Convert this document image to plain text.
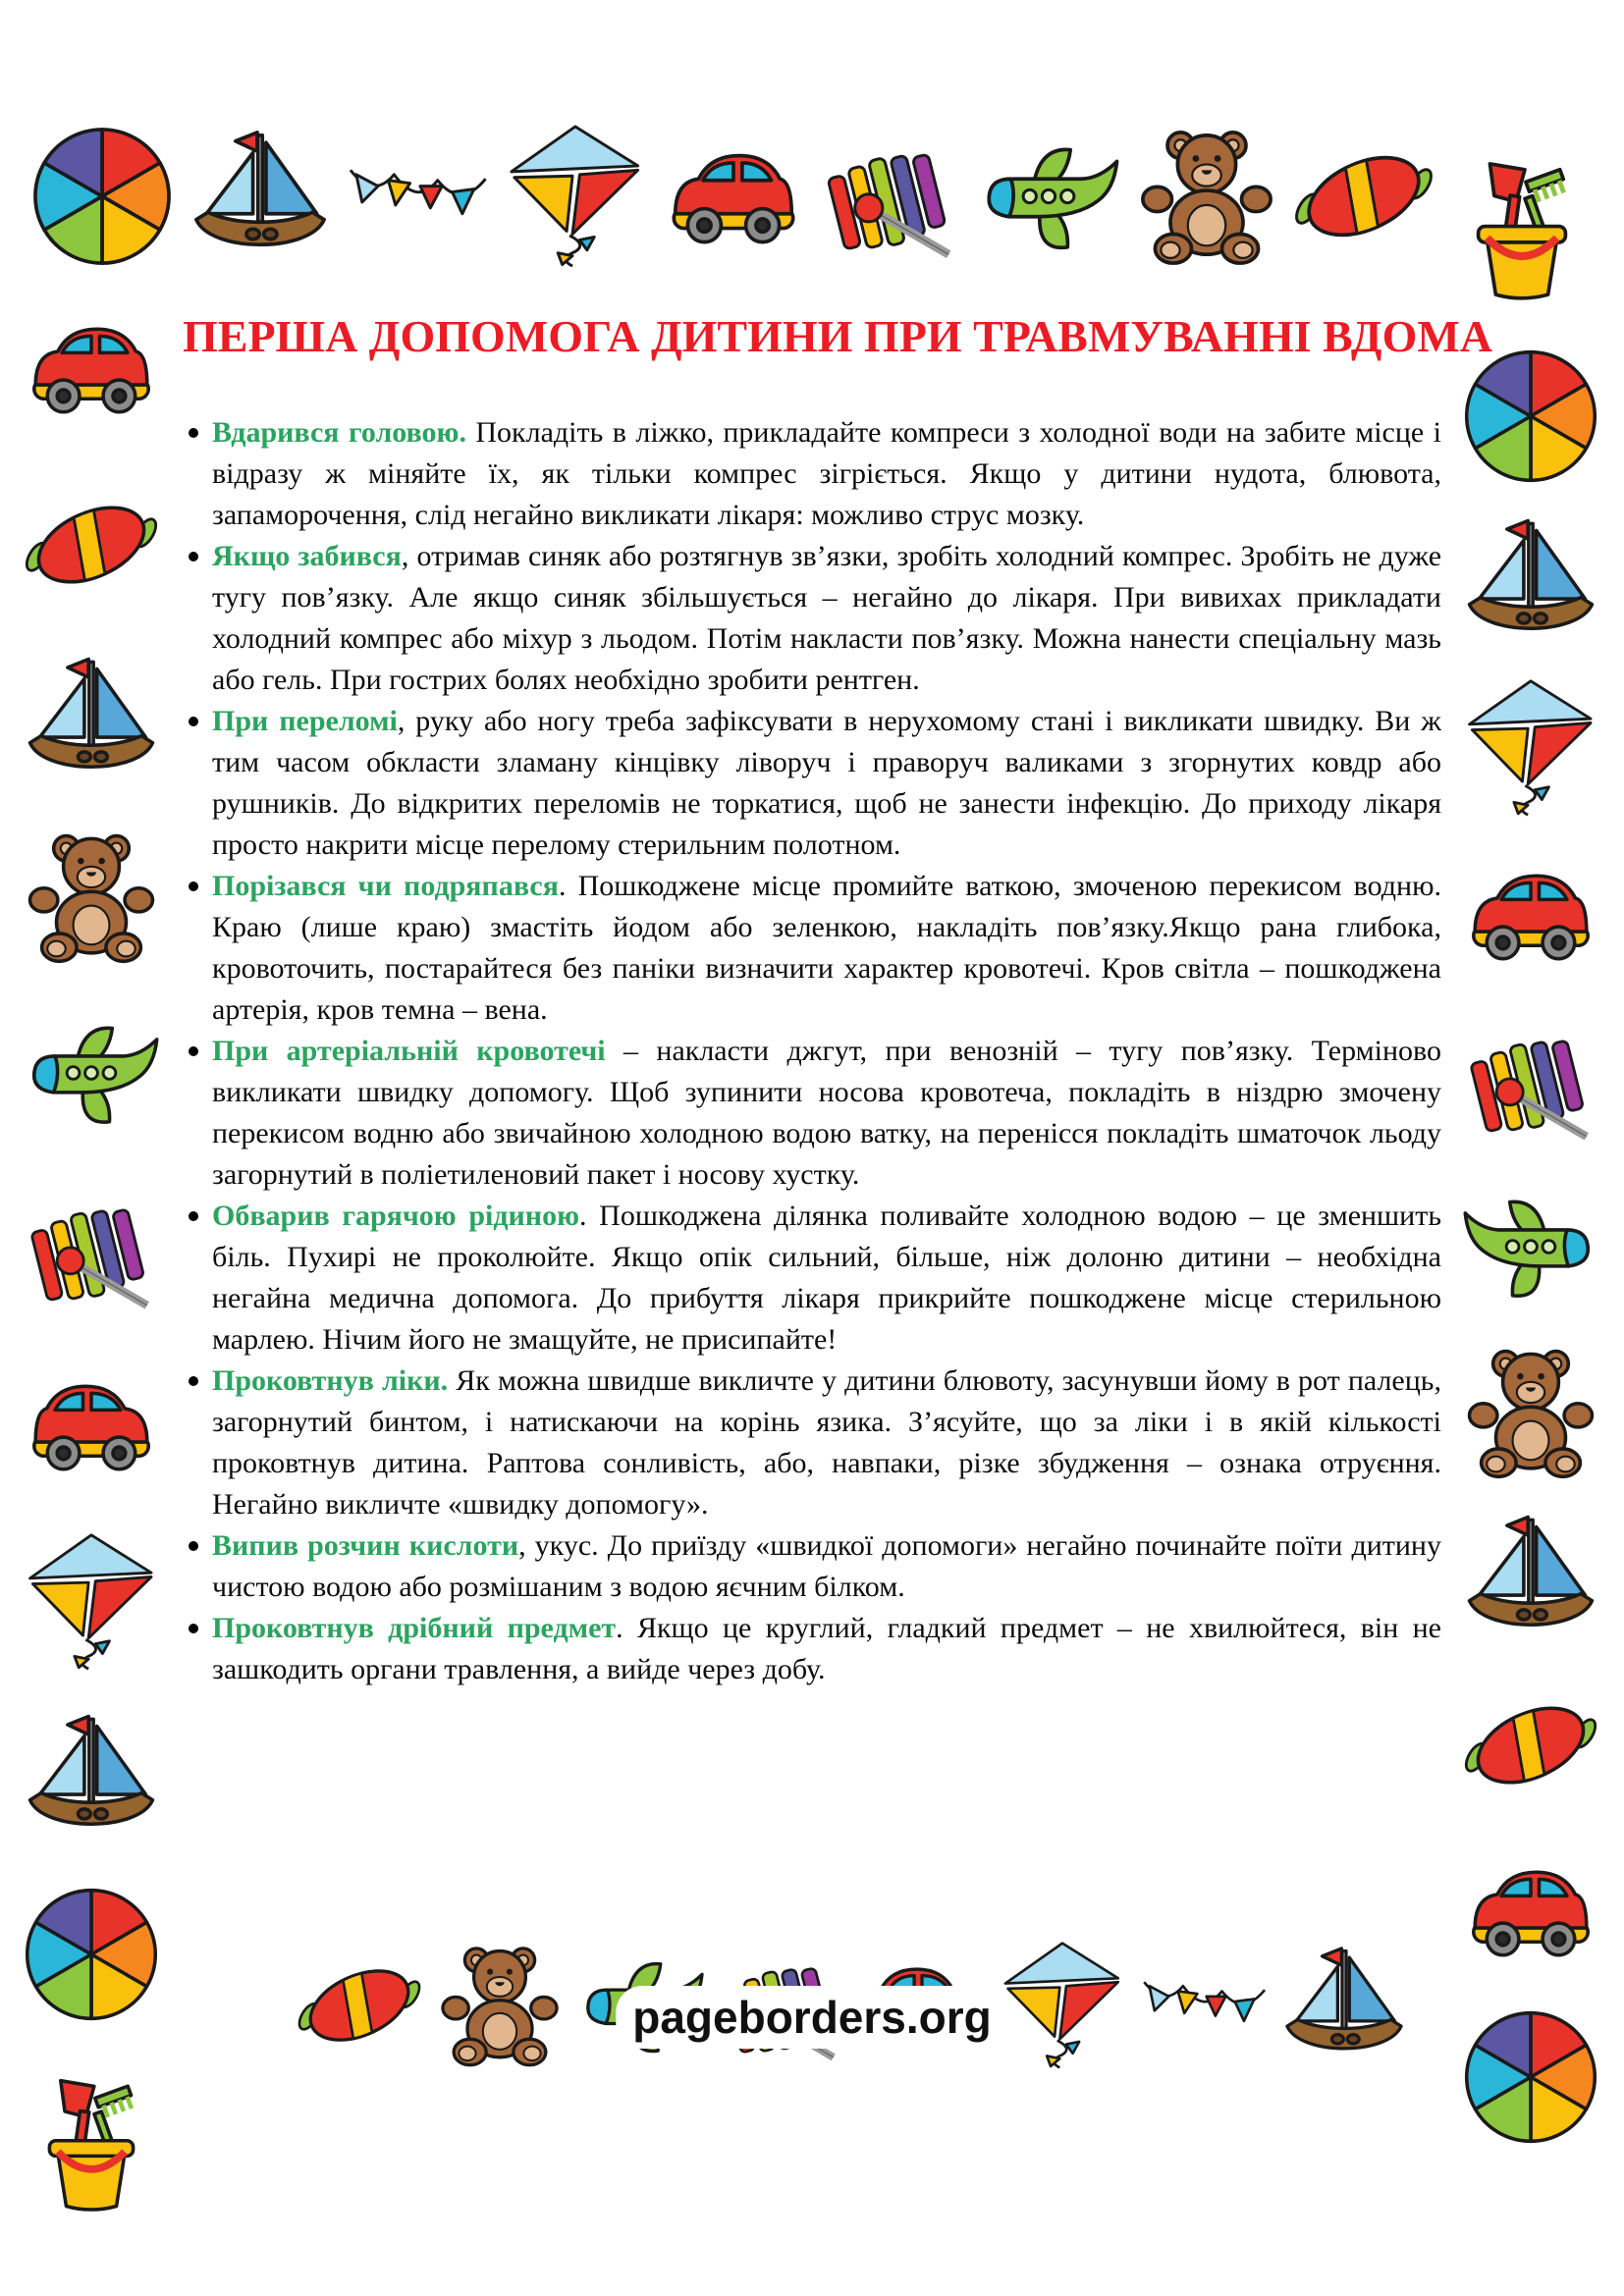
ПЕРША ДОПОМОГА ДИТИНИ ПРИ ТРАВМУВАННІ ВДОМА
Вдарився головою. Покладіть в ліжко, прикладайте компреси з холодної води на забите місце і відразу ж міняйте їх, як тільки компрес зігріється. Якщо у дитини нудота, блювота, запаморочення, слід негайно викликати лікаря: можливо струс мозку.
Якщо забився, отримав синяк або розтягнув зв’язки, зробіть холодний компрес. Зробіть не дуже тугу пов’язку. Але якщо синяк збільшується – негайно до лікаря. При вивихах прикладати холодний компрес або міхур з льодом. Потім накласти пов’язку. Можна нанести спеціальну мазь або гель. При гострих болях необхідно зробити рентген.
При переломі, руку або ногу треба зафіксувати в нерухомому стані і викликати швидку. Ви ж тим часом обкласти зламану кінцівку ліворуч і праворуч валиками з згорнутих ковдр або рушників. До відкритих переломів не торкатися, щоб не занести інфекцію. До приходу лікаря просто накрити місце перелому стерильним полотном.
Порізався чи подряпався. Пошкоджене місце промийте ваткою, змоченою перекисом водню. Краю (лише краю) змастіть йодом або зеленкою, накладіть пов’язку.Якщо рана глибока, кровоточить, постарайтеся без паніки визначити характер кровотечі. Кров світла – пошкоджена артерія, кров темна – вена.
При артеріальній кровотечі – накласти джгут, при венозній – тугу пов’язку. Терміново викликати швидку допомогу. Щоб зупинити носова кровотеча, покладіть в ніздрю змочену перекисом водню або звичайною холодною водою ватку, на перенісся покладіть шматочок льоду загорнутий в поліетиленовий пакет і носову хустку.
Обварив гарячою рідиною. Пошкоджена ділянка поливайте холодною водою – це зменшить біль. Пухирі не проколюйте. Якщо опік сильний, більше, ніж долоню дитини – необхідна негайна медична допомога. До прибуття лікаря прикрийте пошкоджене місце стерильною марлею. Нічим його не змащуйте, не присипайте!
Проковтнув ліки. Як можна швидше викличте у дитини блювоту, засунувши йому в рот палець, загорнутий бинтом, і натискаючи на корінь язика. З’ясуйте, що за ліки і в якій кількості проковтнув дитина. Раптова сонливість, або, навпаки, різке збудження – ознака отруєння. Негайно викличте «швидку допомогу».
Випив розчин кислоти, укус. До приїзду «швидкої допомоги» негайно починайте поїти дитину чистою водою або розмішаним з водою яєчним білком.
Проковтнув дрібний предмет. Якщо це круглий, гладкий предмет – не хвилюйтеся, він не зашкодить органи травлення, а вийде через добу.
pageborders.org
